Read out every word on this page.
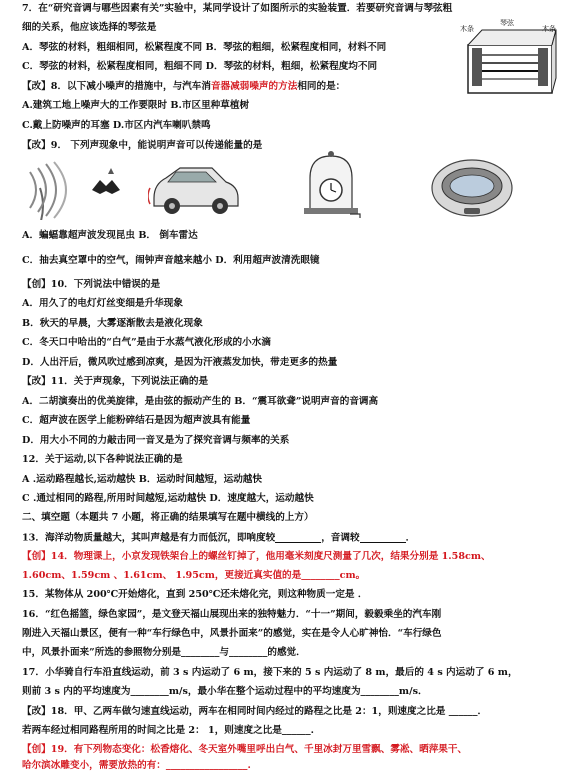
7．在“研究音调与哪些因素有关”实验中，某同学设计了如图所示的实验装置．若要研究音调与琴弦粗
细的关系，他应该选择的琴弦是
A．琴弦的材料，粗细相同，松紧程度不同 B．琴弦的粗细，松紧程度相同，材料不同
C．琴弦的材料，松紧程度相同，粗细不同 D．琴弦的材料，粗细，松紧程度均不同
【改】8．以下减小噪声的措施中，与汽车消音器减弱噪声的方法相同的是：
A.建筑工地上噪声大的工作要限时 B.市区里种草植树
C.戴上防噪声的耳塞 D.市区内汽车喇叭禁鸣
【改】9． 下列声现象中，能说明声音可以传递能量的是
A．蝙蝠靠超声波发现昆虫 B． 倒车雷达
C．抽去真空罩中的空气，闹钟声音越来越小 D．利用超声波清洗眼镜
【创】10．下列说法中错误的是
A．用久了的电灯灯丝变细是升华现象
B．秋天的早晨，大雾逐渐散去是液化现象
C．冬天口中哈出的“白气”是由于水蒸气液化形成的小水滴
D．人出汗后，微风吹过感到凉爽，是因为汗液蒸发加快，带走更多的热量
【改】11．关于声现象，下列说法正确的是
A．二胡演奏出的优美旋律，是由弦的振动产生的 B．“震耳欲聋”说明声音的音调高
C．超声波在医学上能粉碎结石是因为超声波具有能量
D．用大小不同的力敲击同一音叉是为了探究音调与频率的关系
12．关于运动,以下各种说法正确的是
A .运动路程越长,运动越快 B．运动时间越短，运动越快
C .通过相同的路程,所用时间越短,运动越快 D．速度越大，运动越快
二、填空题（本题共 7 小题，将正确的结果填写在题中横线的上方）
13．海洋动物质量越大，其叫声越是有力而低沉，即响度较	，音调较	．
【创】14．物理课上，小京发现铁架台上的螺丝钉掉了，他用毫米刻度尺测量了几次，结果分别是 1.58cm、
1.60cm、1.59cm 、1.61cm、 1.95cm，更接近真实值的是________cm。
15．某物体从 200℃开始熔化，直到 250℃还未熔化完，则这种物质一定是 ．
16．“红色摇篮，绿色家园”，是文登天福山展现出来的独特魅力．“十一”期间，毅毅乘坐的汽车刚
刚进入天福山景区，便有一种“车行绿色中，风景扑面来”的感觉，实在是令人心旷神怡．“车行绿色
中，风景扑面来”所选的参照物分别是________与________的感觉．
17．小华骑自行车沿直线运动，前 3 s 内运动了 6 m，接下来的 5 s 内运动了 8 m，最后的 4 s 内运动了 6 m，
则前 3 s 内的平均速度为________m/s，最小华在整个运动过程中的平均速度为________m/s．
【改】18．甲、乙两车做匀速直线运动，两车在相同时间内经过的路程之比是 2：1，则速度之比是 ______．
若两车经过相同路程所用的时间之比是 2： 1，则速度之比是______.
【创】19．有下列物态变化：松香熔化、冬天室外嘴里呼出白气、千里冰封万里雪飘、雾凇、晒萍果干、
哈尔滨冰雕变小，需要放热的有：_________________.
木条
琴弦
木条
